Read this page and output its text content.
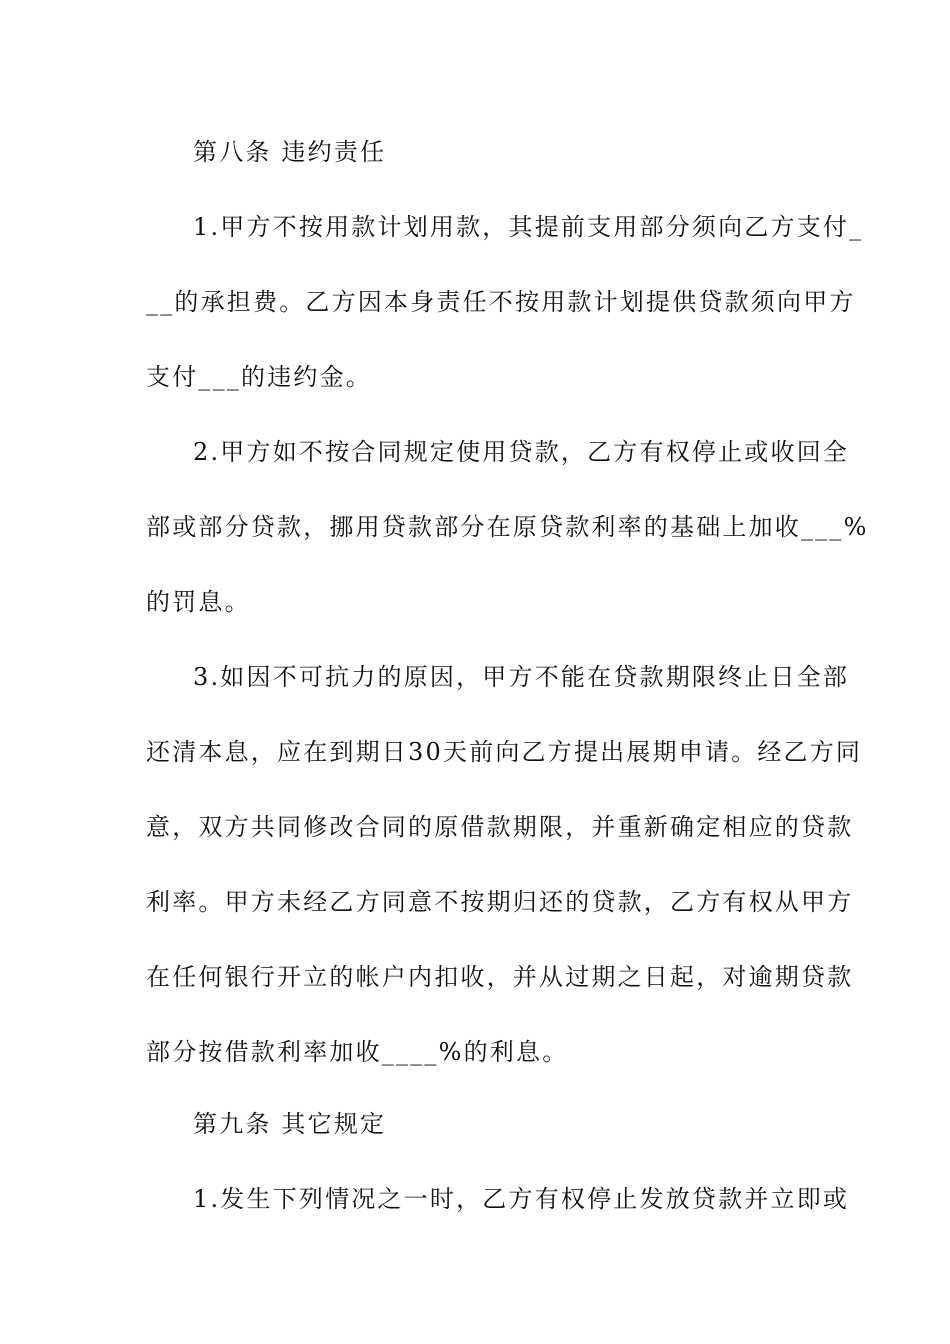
第八条 违约责任
1.甲方不按用款计划用款，其提前支用部分须向乙方支付_
__的承担费。乙方因本身责任不按用款计划提供贷款须向甲方
支付___的违约金。
2.甲方如不按合同规定使用贷款，乙方有权停止或收回全
部或部分贷款，挪用贷款部分在原贷款利率的基础上加收___%
的罚息。
3.如因不可抗力的原因，甲方不能在贷款期限终止日全部
还清本息，应在到期日30天前向乙方提出展期申请。经乙方同
意，双方共同修改合同的原借款期限，并重新确定相应的贷款
利率。甲方未经乙方同意不按期归还的贷款，乙方有权从甲方
在任何银行开立的帐户内扣收，并从过期之日起，对逾期贷款
部分按借款利率加收____%的利息。
第九条 其它规定
1.发生下列情况之一时，乙方有权停止发放贷款并立即或
